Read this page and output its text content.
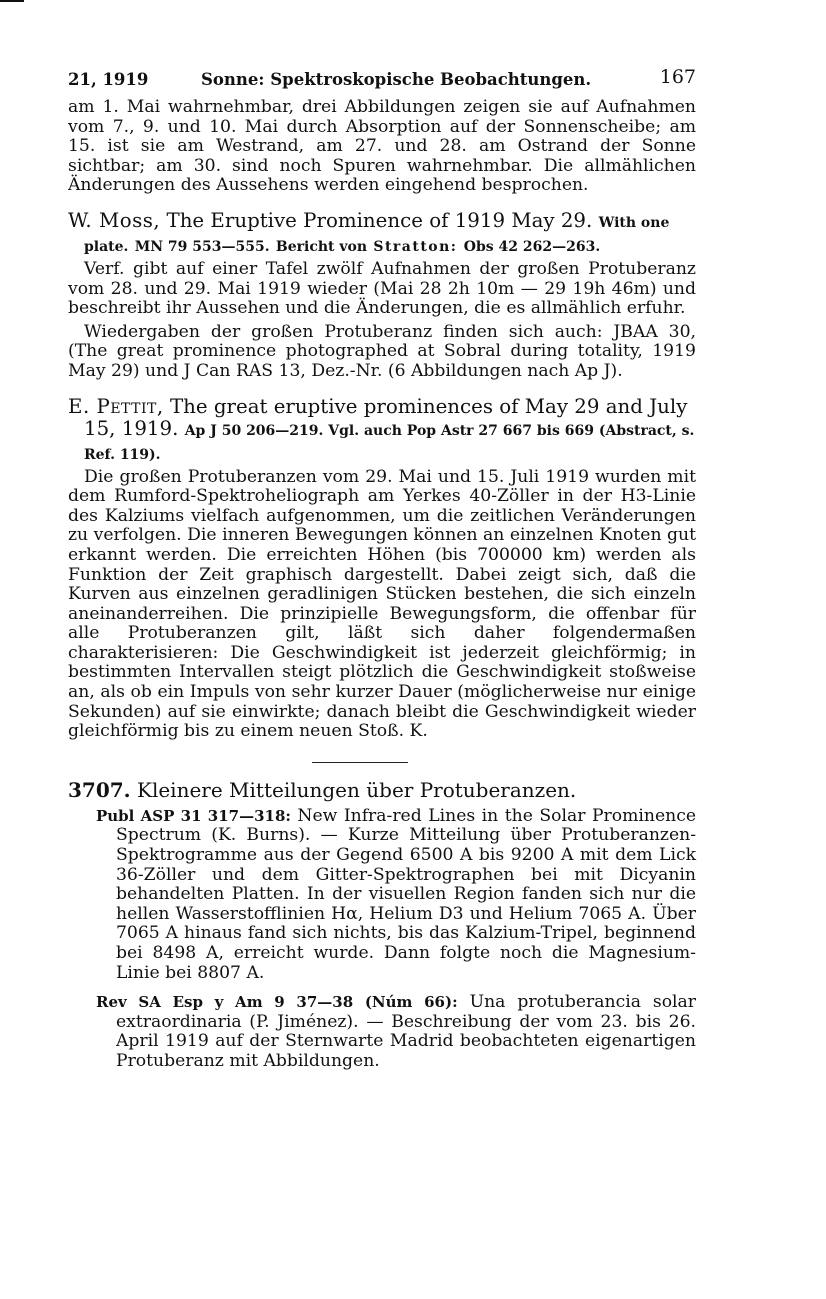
21, 1919	Sonne: Spektroskopische Beobachtungen.	167

am 1. Mai wahrnehmbar, drei Abbildungen zeigen sie auf Aufnahmen vom 7., 9. und 10. Mai durch Absorption auf der Sonnenscheibe; am 15. ist sie am Westrand, am 27. und 28. am Ostrand der Sonne sichtbar; am 30. sind noch Spuren wahrnehmbar. Die allmählichen Änderungen des Aussehens werden eingehend besprochen.

W. Moss, The Eruptive Prominence of 1919 May 29. With one plate. MN 79 553—555. Bericht von Stratton: Obs 42 262—263.

Verf. gibt auf einer Tafel zwölf Aufnahmen der großen Protuberanz vom 28. und 29. Mai 1919 wieder (Mai 28 2h 10m — 29 19h 46m) und beschreibt ihr Aussehen und die Änderungen, die es allmählich erfuhr.

Wiedergaben der großen Protuberanz finden sich auch: JBAA 30, (The great prominence photographed at Sobral during totality, 1919 May 29) und J Can RAS 13, Dez.-Nr. (6 Abbildungen nach Ap J).

E. Pettit, The great eruptive prominences of May 29 and July 15, 1919. Ap J 50 206—219. Vgl. auch Pop Astr 27 667 bis 669 (Abstract, s. Ref. 119).

Die großen Protuberanzen vom 29. Mai und 15. Juli 1919 wurden mit dem Rumford-Spektroheliograph am Yerkes 40-Zöller in der H3-Linie des Kalziums vielfach aufgenommen, um die zeitlichen Veränderungen zu verfolgen. Die inneren Bewegungen können an einzelnen Knoten gut erkannt werden. Die erreichten Höhen (bis 700000 km) werden als Funktion der Zeit graphisch dargestellt. Dabei zeigt sich, daß die Kurven aus einzelnen geradlinigen Stücken bestehen, die sich einzeln aneinanderreihen. Die prinzipielle Bewegungsform, die offenbar für alle Protuberanzen gilt, läßt sich daher folgendermaßen charakterisieren: Die Geschwindigkeit ist jederzeit gleichförmig; in bestimmten Intervallen steigt plötzlich die Geschwindigkeit stoßweise an, als ob ein Impuls von sehr kurzer Dauer (möglicherweise nur einige Sekunden) auf sie einwirkte; danach bleibt die Geschwindigkeit wieder gleichförmig bis zu einem neuen Stoß. K.

3707. Kleinere Mitteilungen über Protuberanzen.
Publ ASP 31 317—318: New Infra-red Lines in the Solar Prominence Spectrum (K. Burns). — Kurze Mitteilung über Protuberanzen-Spektrogramme aus der Gegend 6500 A bis 9200 A mit dem Lick 36-Zöller und dem Gitter-Spektrographen bei mit Dicyanin behandelten Platten. In der visuellen Region fanden sich nur die hellen Wasserstofflinien Hα, Helium D3 und Helium 7065 A. Über 7065 A hinaus fand sich nichts, bis das Kalzium-Tripel, beginnend bei 8498 A, erreicht wurde. Dann folgte noch die Magnesium-Linie bei 8807 A.
Rev SA Esp y Am 9 37—38 (Núm 66): Una protuberancia solar extraordinaria (P. Jiménez). — Beschreibung der vom 23. bis 26. April 1919 auf der Sternwarte Madrid beobachteten eigenartigen Protuberanz mit Abbildungen.
